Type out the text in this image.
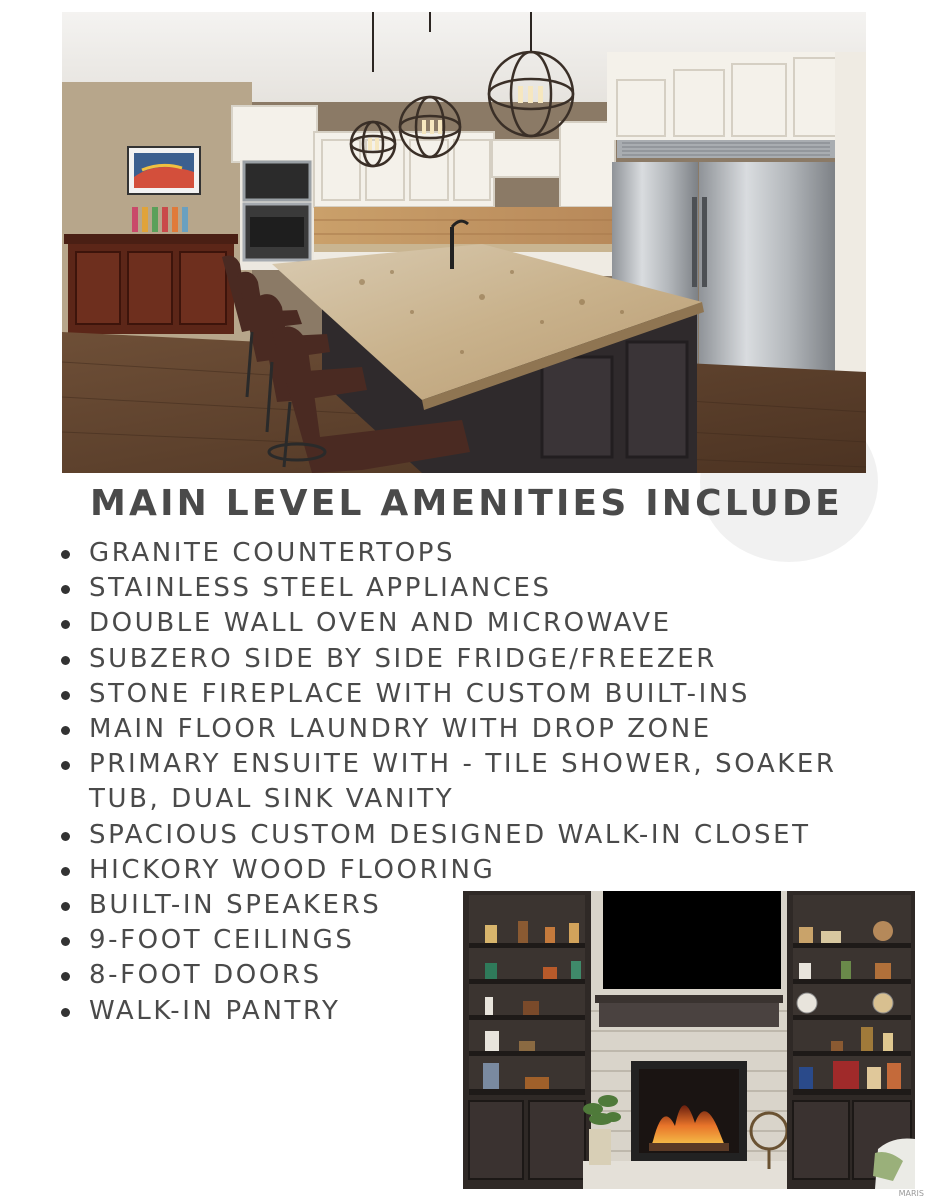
MAIN LEVEL AMENITIES INCLUDE
GRANITE COUNTERTOPS
STAINLESS STEEL APPLIANCES
DOUBLE WALL OVEN AND MICROWAVE
SUBZERO SIDE BY SIDE FRIDGE/FREEZER
STONE FIREPLACE WITH CUSTOM BUILT-INS
MAIN FLOOR LAUNDRY WITH DROP ZONE
PRIMARY ENSUITE WITH - TILE SHOWER, SOAKER TUB, DUAL SINK VANITY
SPACIOUS CUSTOM DESIGNED WALK-IN CLOSET
HICKORY WOOD FLOORING
BUILT-IN SPEAKERS
9-FOOT CEILINGS
8-FOOT DOORS
WALK-IN PANTRY
MARIS
